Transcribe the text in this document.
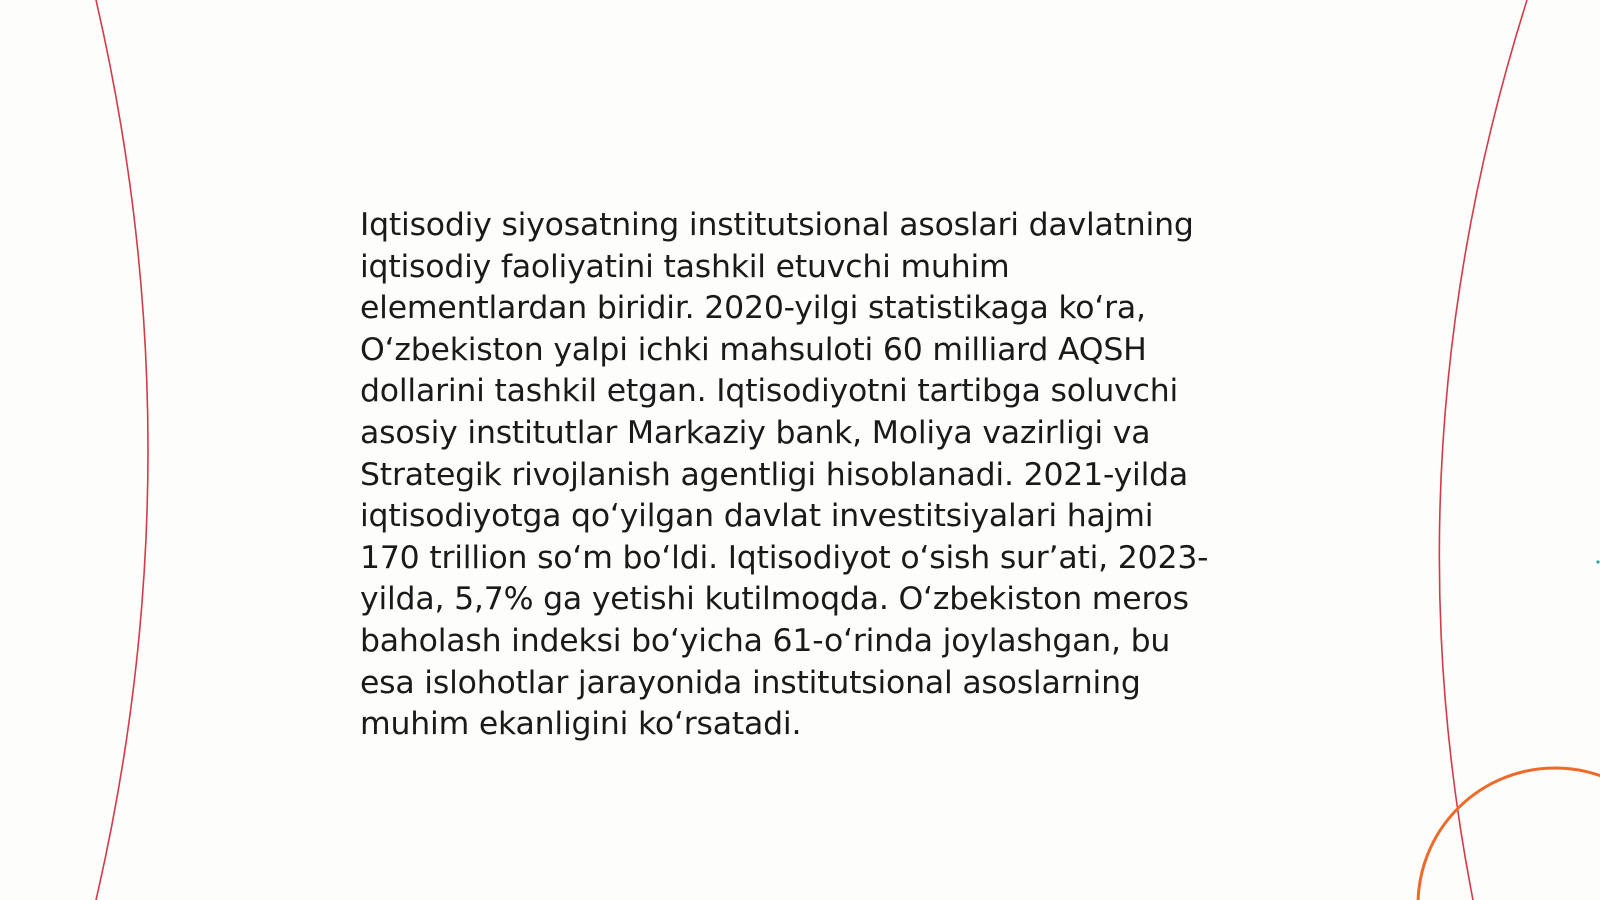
Iqtisodiy siyosatning institutsional asoslari davlatning
iqtisodiy faoliyatini tashkil etuvchi muhim
elementlardan biridir. 2020-yilgi statistikaga ko‘ra,
O‘zbekiston yalpi ichki mahsuloti 60 milliard AQSH
dollarini tashkil etgan. Iqtisodiyotni tartibga soluvchi
asosiy institutlar Markaziy bank, Moliya vazirligi va
Strategik rivojlanish agentligi hisoblanadi. 2021-yilda
iqtisodiyotga qo‘yilgan davlat investitsiyalari hajmi
170 trillion so‘m bo‘ldi. Iqtisodiyot o‘sish sur’ati, 2023-
yilda, 5,7% ga yetishi kutilmoqda. O‘zbekiston meros
baholash indeksi bo‘yicha 61-o‘rinda joylashgan, bu
esa islohotlar jarayonida institutsional asoslarning
muhim ekanligini ko‘rsatadi.
